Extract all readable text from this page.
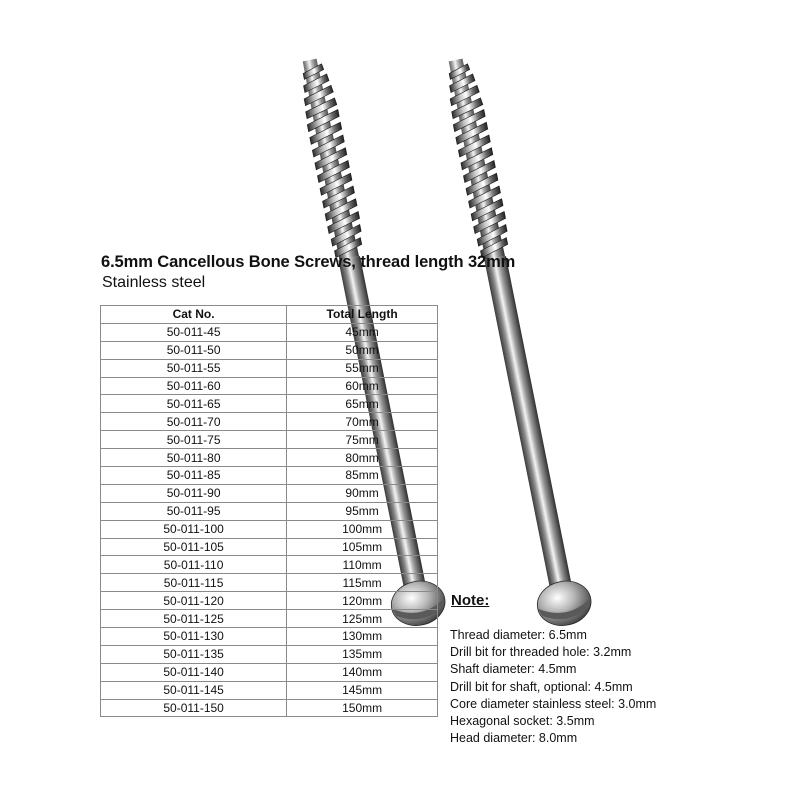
6.5mm Cancellous Bone Screws, thread length 32mm

Stainless steel

Cat No.	Total Length
50-011-45	45mm
50-011-50	50mm
50-011-55	55mm
50-011-60	60mm
50-011-65	65mm
50-011-70	70mm
50-011-75	75mm
50-011-80	80mm
50-011-85	85mm
50-011-90	90mm
50-011-95	95mm
50-011-100	100mm
50-011-105	105mm
50-011-110	110mm
50-011-115	115mm
50-011-120	120mm
50-011-125	125mm
50-011-130	130mm
50-011-135	135mm
50-011-140	140mm
50-011-145	145mm
50-011-150	150mm
Note:
Thread diameter: 6.5mm
Drill bit for threaded hole: 3.2mm
Shaft diameter: 4.5mm
Drill bit for shaft, optional: 4.5mm
Core diameter stainless steel: 3.0mm
Hexagonal socket: 3.5mm
Head diameter: 8.0mm
